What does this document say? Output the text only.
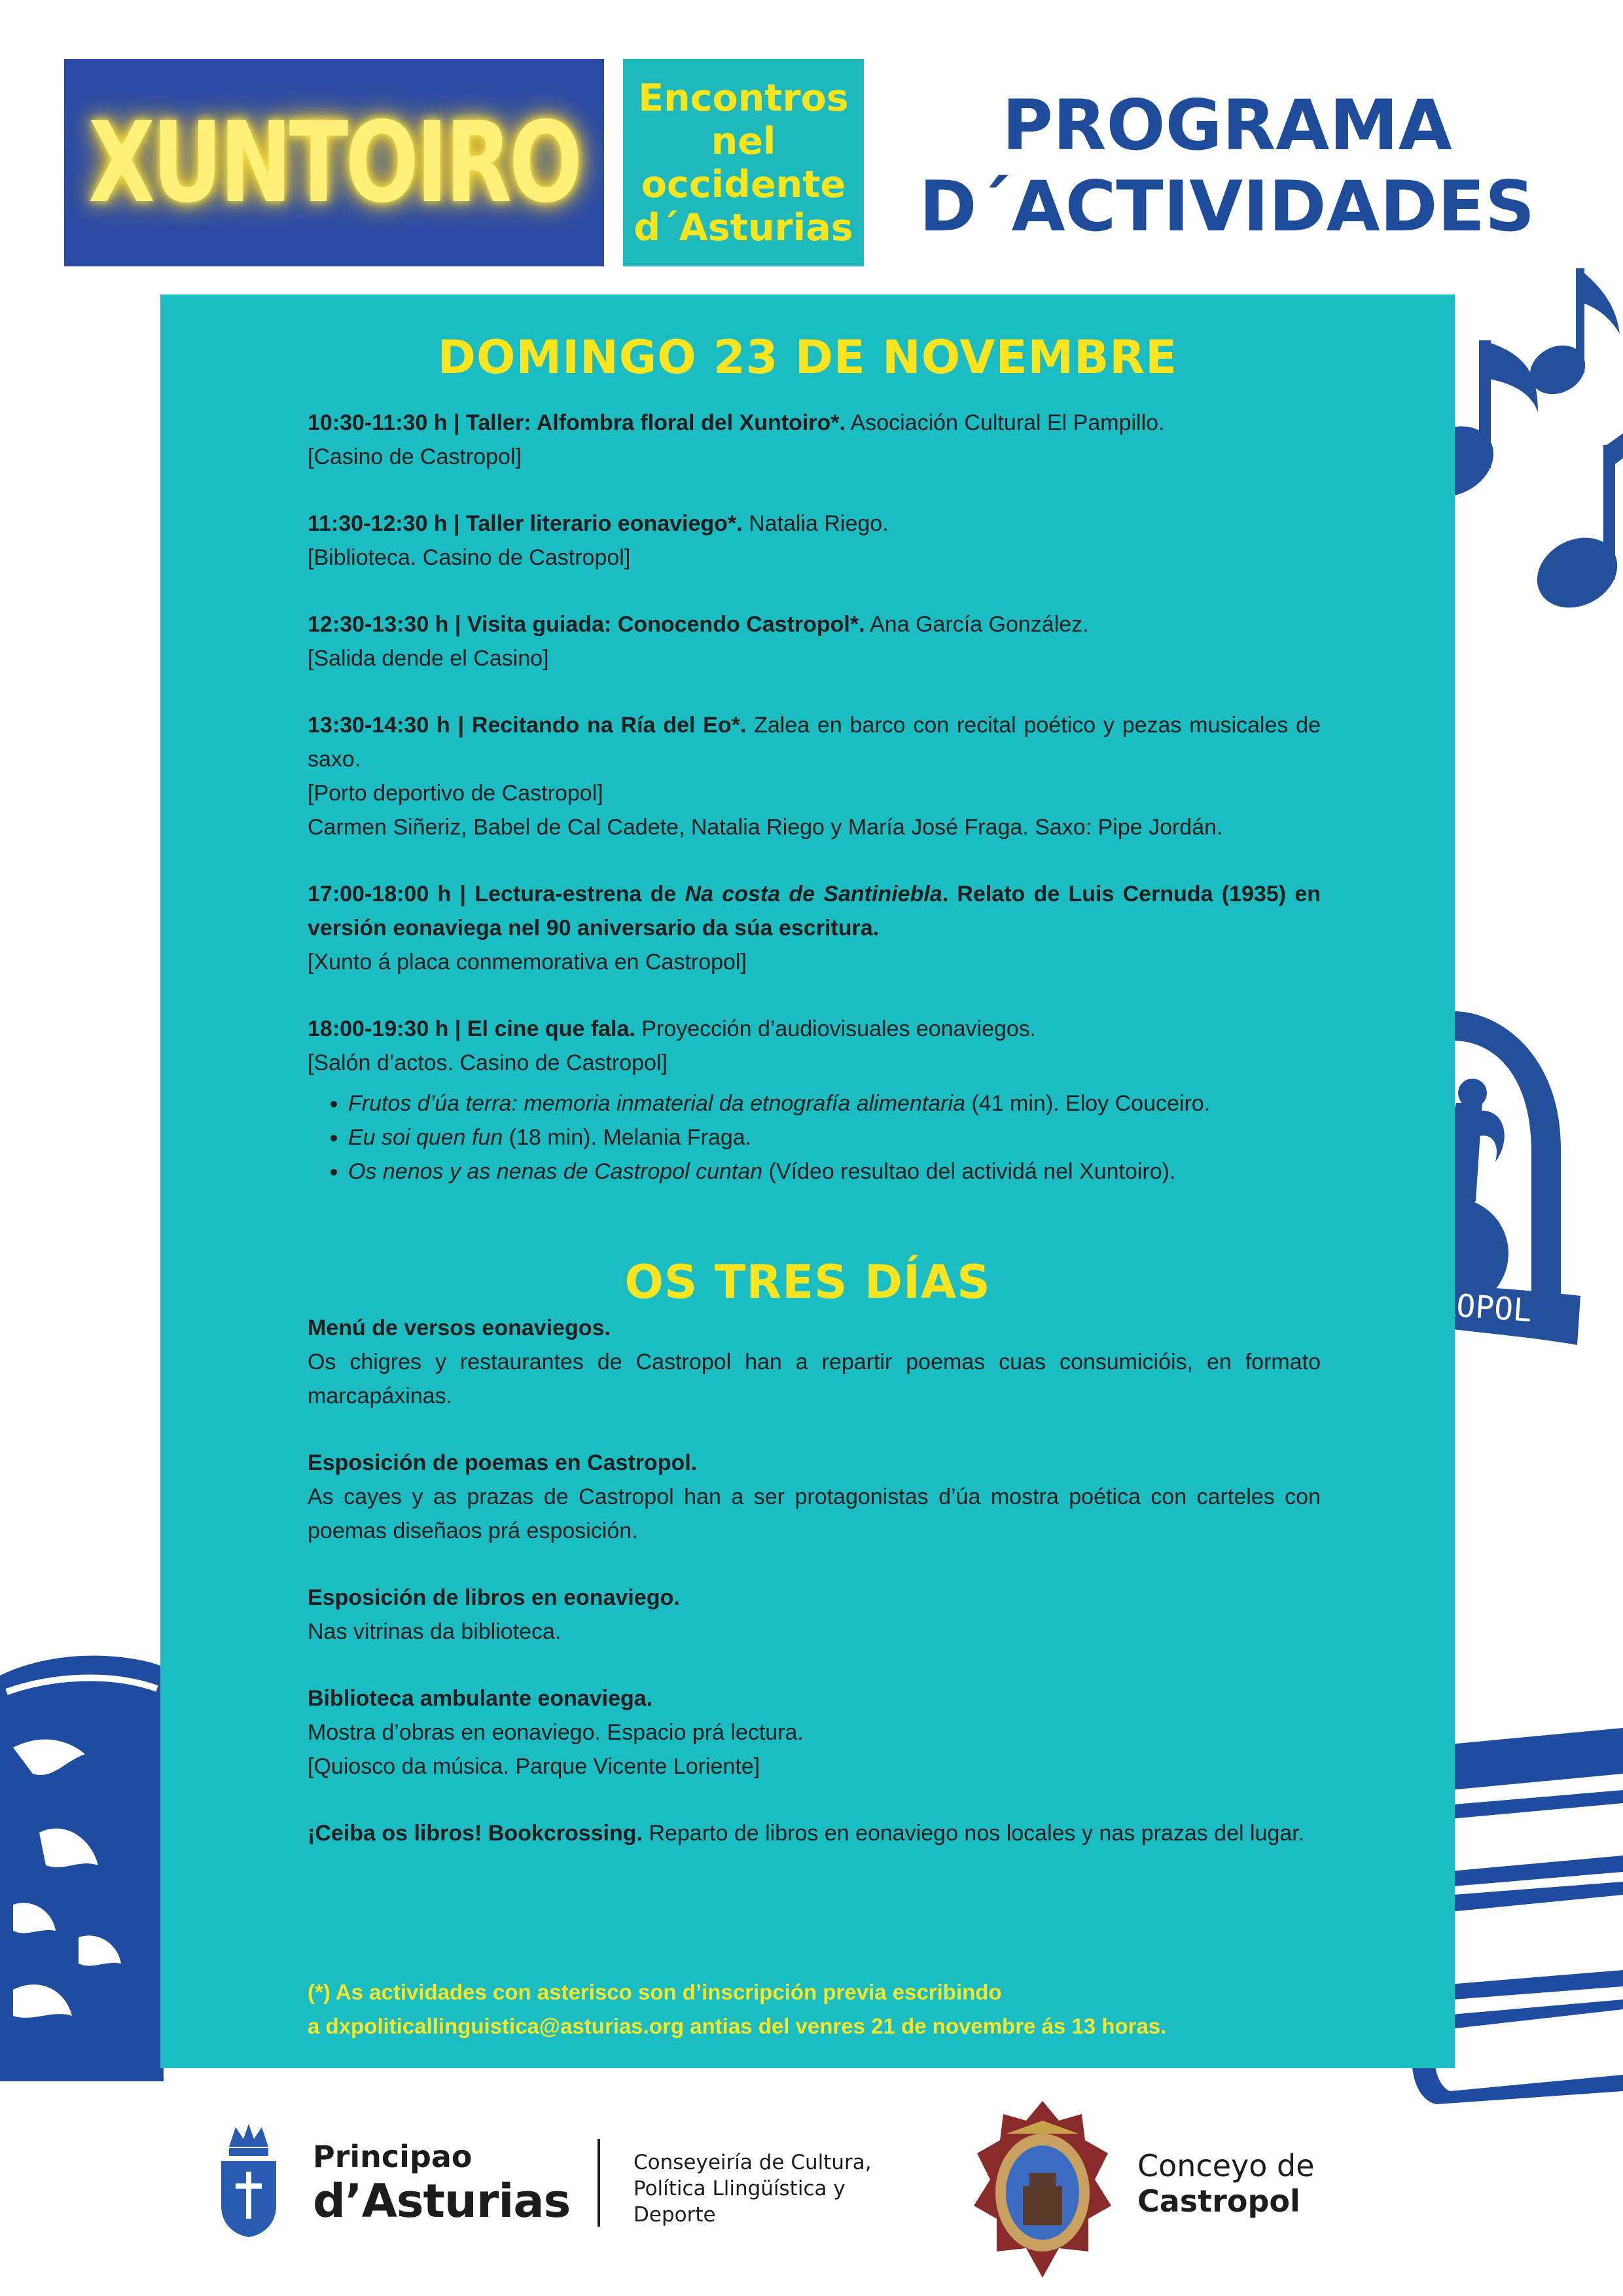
XUNTOIRO Encontros
nel
occidente
d´Asturias
PROGRAMA
D´ACTIVIDADES
DOMINGO 23 DE NOVEMBRE
10:30-11:30 h | Taller: Alfombra floral del Xuntoiro*. Asociación Cultural El Pampillo.
[Casino de Castropol]
11:30-12:30 h | Taller literario eonaviego*. Natalia Riego.
[Biblioteca. Casino de Castropol]
12:30-13:30 h | Visita guiada: Conocendo Castropol*. Ana García González.
[Salida dende el Casino]
13:30-14:30 h | Recitando na Ría del Eo*. Zalea en barco con recital poético y pezas musicales de saxo.
[Porto deportivo de Castropol]
Carmen Siñeriz, Babel de Cal Cadete, Natalia Riego y María José Fraga. Saxo: Pipe Jordán.
17:00-18:00 h | Lectura-estrena de Na costa de Santiniebla. Relato de Luis Cernuda (1935) en versión eonaviega nel 90 aniversario da súa escritura.
[Xunto á placa conmemorativa en Castropol]
18:00-19:30 h | El cine que fala. Proyección d’audiovisuales eonaviegos.
[Salón d’actos. Casino de Castropol]
• Frutos d’úa terra: memoria inmaterial da etnografía alimentaria (41 min). Eloy Couceiro.
• Eu soi quen fun (18 min). Melania Fraga.
• Os nenos y as nenas de Castropol cuntan (Vídeo resultao del actividá nel Xuntoiro).
OS TRES DÍAS
Menú de versos eonaviegos.
Os chigres y restaurantes de Castropol han a repartir poemas cuas consumicióis, en formato marcapáxinas.
Esposición de poemas en Castropol.
As cayes y as prazas de Castropol han a ser protagonistas d’úa mostra poética con carteles con poemas diseñaos prá esposición.
Esposición de libros en eonaviego.
Nas vitrinas da biblioteca.
Biblioteca ambulante eonaviega.
Mostra d’obras en eonaviego. Espacio prá lectura.
[Quiosco da música. Parque Vicente Loriente]
¡Ceiba os libros! Bookcrossing. Reparto de libros en eonaviego nos locales y nas prazas del lugar.
(*) As actividades con asterisco son d’inscripción previa escribindo
a dxpoliticallinguistica@asturias.org antias del venres 21 de novembre ás 13 horas.
Principao
d’Asturias
Conseyeiría de Cultura,
Política Llingüística y
Deporte
Conceyo de
Castropol
